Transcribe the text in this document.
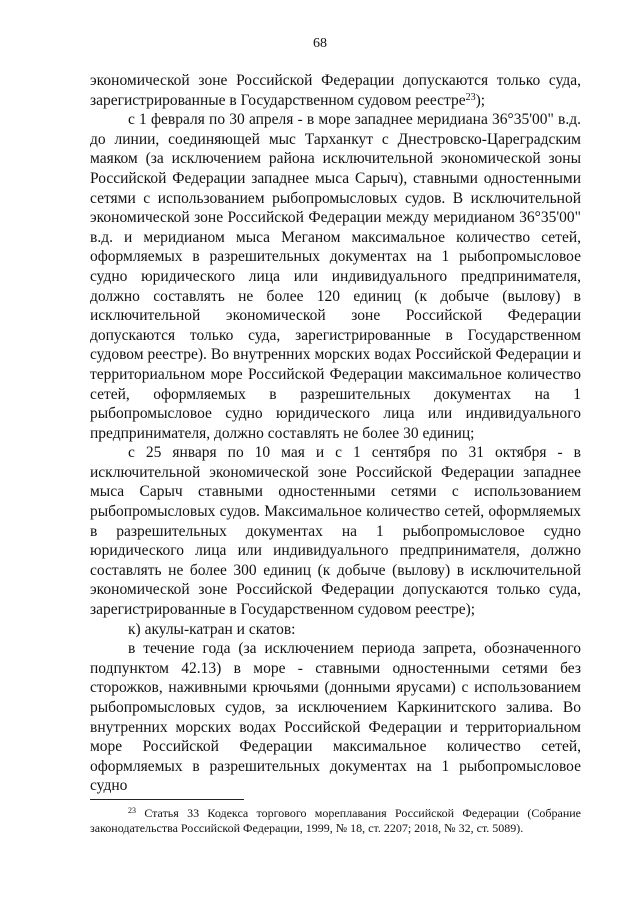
68

экономической зоне Российской Федерации допускаются только суда, зарегистрированные в Государственном судовом реестре$^{23}$);

с 1 февраля по 30 апреля - в море западнее меридиана 36°35'00" в.д. до линии, соединяющей мыс Тарханкут с Днестровско-Цареградским маяком (за исключением района исключительной экономической зоны Российской Федерации западнее мыса Сарыч), ставными одностенными сетями с использованием рыбопромысловых судов. В исключительной экономической зоне Российской Федерации между меридианом 36°35'00" в.д. и меридианом мыса Меганом максимальное количество сетей, оформляемых в разрешительных документах на 1 рыбопромысловое судно юридического лица или индивидуального предпринимателя, должно составлять не более 120 единиц (к добыче (вылову) в исключительной экономической зоне Российской Федерации допускаются только суда, зарегистрированные в Государственном судовом реестре). Во внутренних морских водах Российской Федерации и территориальном море Российской Федерации максимальное количество сетей, оформляемых в разрешительных документах на 1 рыбопромысловое судно юридического лица или индивидуального предпринимателя, должно составлять не более 30 единиц;

с 25 января по 10 мая и с 1 сентября по 31 октября - в исключительной экономической зоне Российской Федерации западнее мыса Сарыч ставными одностенными сетями с использованием рыбопромысловых судов. Максимальное количество сетей, оформляемых в разрешительных документах на 1 рыбопромысловое судно юридического лица или индивидуального предпринимателя, должно составлять не более 300 единиц (к добыче (вылову) в исключительной экономической зоне Российской Федерации допускаются только суда, зарегистрированные в Государственном судовом реестре);

к) акулы-катран и скатов:

в течение года (за исключением периода запрета, обозначенного подпунктом 42.13) в море - ставными одностенными сетями без сторожков, наживными крючьями (донными ярусами) с использованием рыбопромысловых судов, за исключением Каркинитского залива. Во внутренних морских водах Российской Федерации и территориальном море Российской Федерации максимальное количество сетей, оформляемых в разрешительных документах на 1 рыбопромысловое судно

$^{23}$ Статья 33 Кодекса торгового мореплавания Российской Федерации (Собрание законодательства Российской Федерации, 1999, № 18, ст. 2207; 2018, № 32, ст. 5089).
